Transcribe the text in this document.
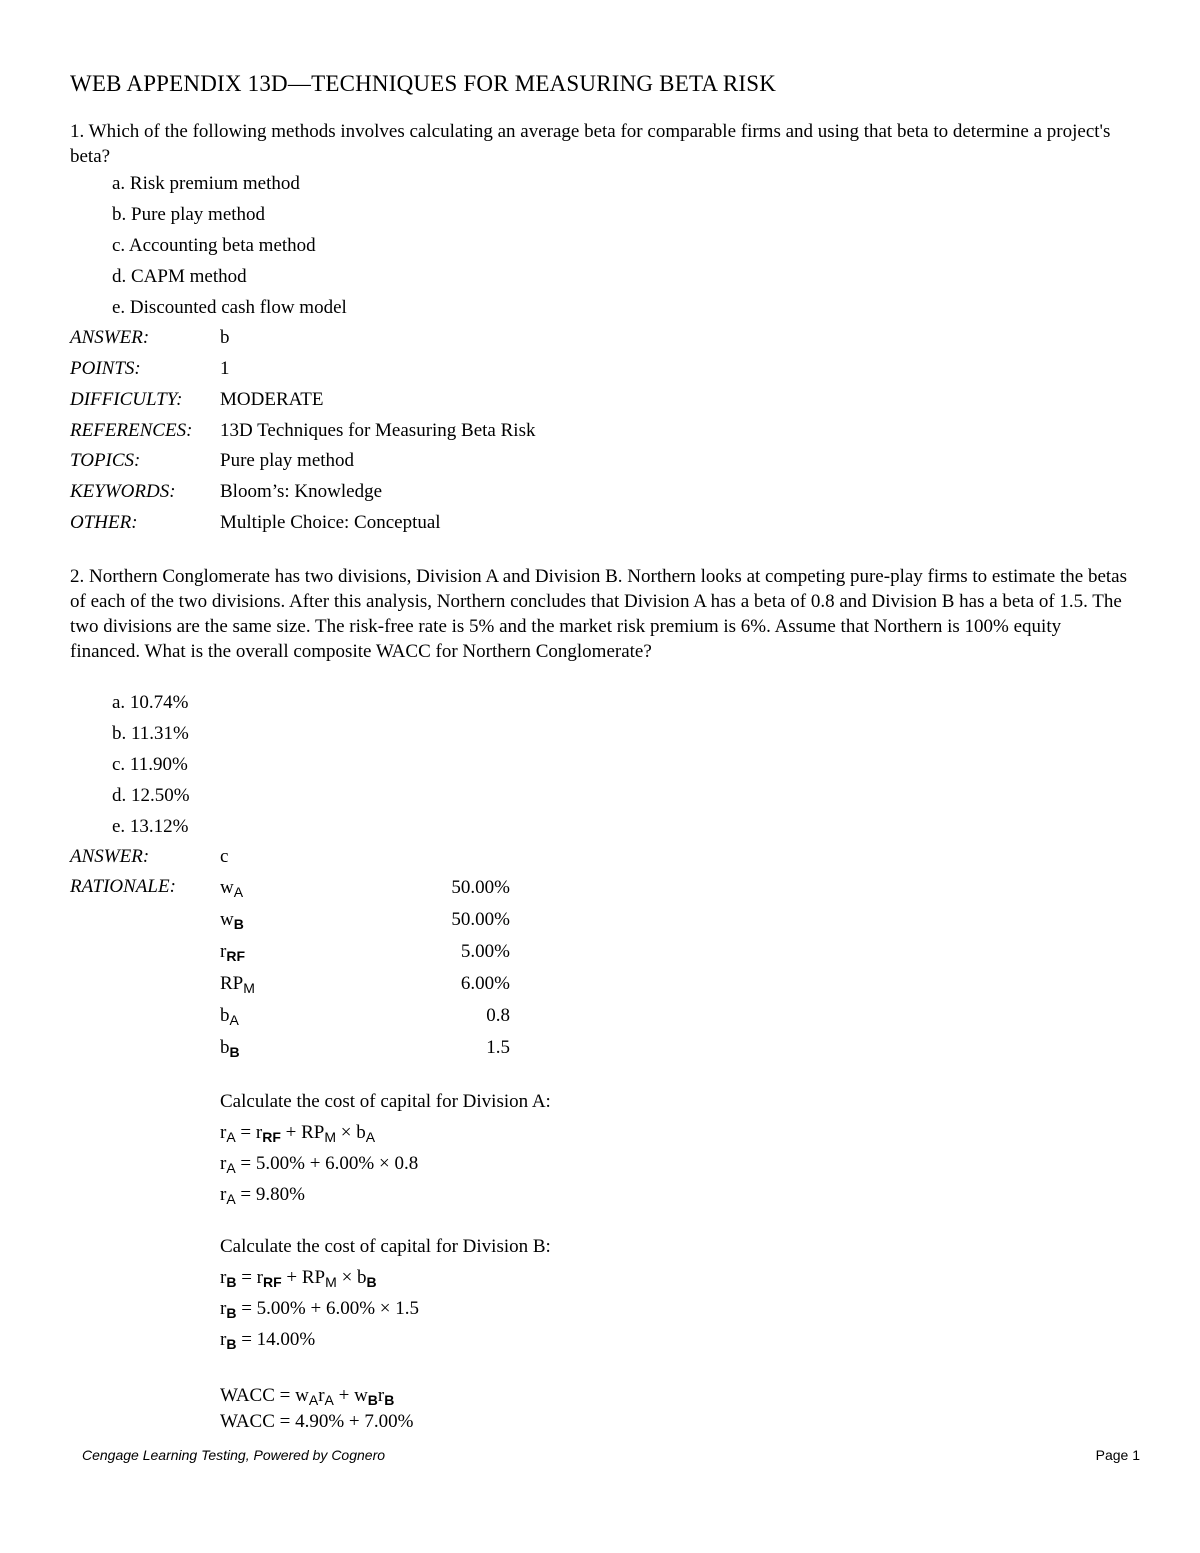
WEB APPENDIX 13D—TECHNIQUES FOR MEASURING BETA RISK
1. Which of the following methods involves calculating an average beta for comparable firms and using that beta to determine a project's beta?
a. Risk premium method
b. Pure play method
c. Accounting beta method
d. CAPM method
e. Discounted cash flow model
ANSWER:	b
POINTS:	1
DIFFICULTY: MODERATE
REFERENCES: 13D Techniques for Measuring Beta Risk
TOPICS:	Pure play method
KEYWORDS: Bloom’s: Knowledge
OTHER:	Multiple Choice: Conceptual
2. Northern Conglomerate has two divisions, Division A and Division B. Northern looks at competing pure-play firms to estimate the betas of each of the two divisions. After this analysis, Northern concludes that Division A has a beta of 0.8 and Division B has a beta of 1.5. The two divisions are the same size. The risk-free rate is 5% and the market risk premium is 6%. Assume that Northern is 100% equity financed. What is the overall composite WACC for Northern Conglomerate?
a. 10.74%
b. 11.31%
c. 11.90%
d. 12.50%
e. 13.12%
ANSWER:	c
RATIONALE: $w_A$	50.00%
$w_B$	50.00%
$r_{RF}$	5.00%
$RP_M$	6.00%
$b_A$	0.8
$b_B$	1.5
Calculate the cost of capital for Division A:
$r_A = r_{RF} + RP_M \times b_A$
$r_A = 5.00\% + 6.00\% \times 0.8$
$r_A = 9.80\%$
Calculate the cost of capital for Division B:
$r_B = r_{RF} + RP_M \times b_B$
$r_B = 5.00\% + 6.00\% \times 1.5$
$r_B = 14.00\%$
WACC = $w_Ar_A + w_Br_B$
WACC = 4.90% + 7.00%
Cengage Learning Testing, Powered by Cognero	Page 1
